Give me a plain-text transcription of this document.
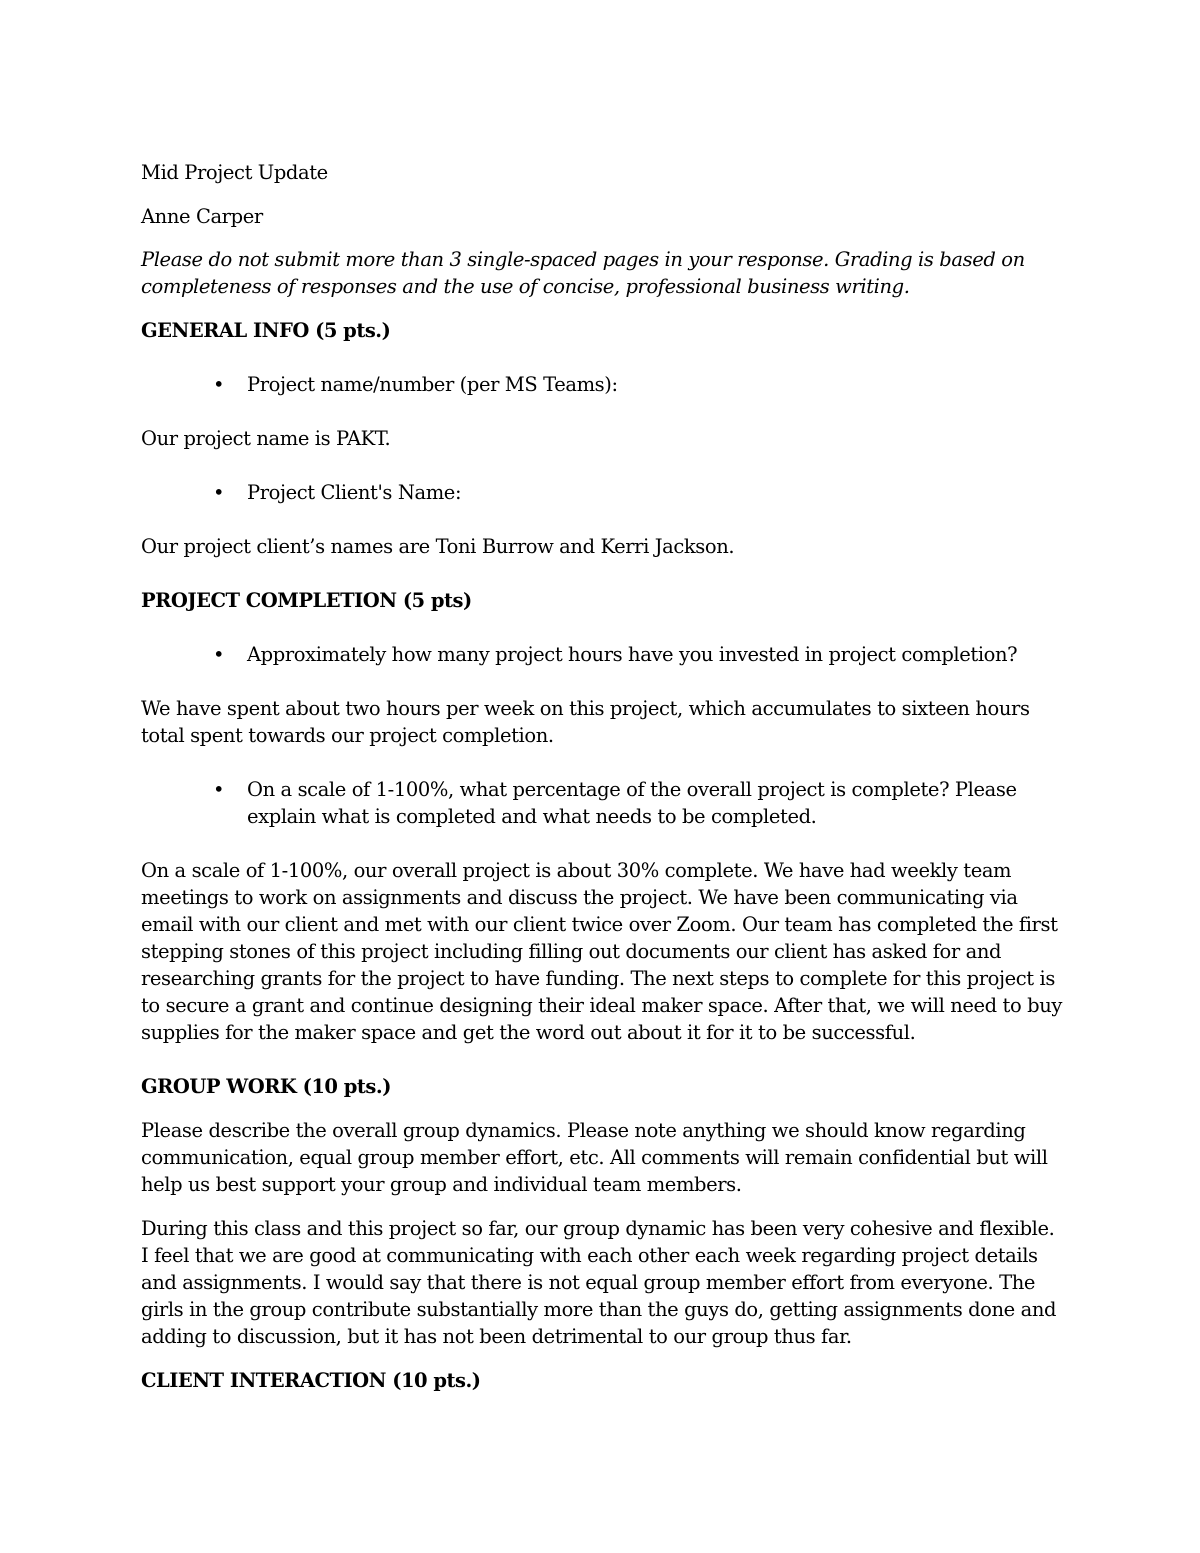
Mid Project Update

Anne Carper

Please do not submit more than 3 single-spaced pages in your response. Grading is based on completeness of responses and the use of concise, professional business writing.

GENERAL INFO (5 pts.)
• Project name/number (per MS Teams):

Our project name is PAKT.

• Project Client's Name:

Our project client’s names are Toni Burrow and Kerri Jackson.

PROJECT COMPLETION (5 pts)
• Approximately how many project hours have you invested in project completion?

We have spent about two hours per week on this project, which accumulates to sixteen hours total spent towards our project completion.

• On a scale of 1-100%, what percentage of the overall project is complete? Please explain what is completed and what needs to be completed.

On a scale of 1-100%, our overall project is about 30% complete. We have had weekly team meetings to work on assignments and discuss the project. We have been communicating via email with our client and met with our client twice over Zoom. Our team has completed the first stepping stones of this project including filling out documents our client has asked for and researching grants for the project to have funding. The next steps to complete for this project is to secure a grant and continue designing their ideal maker space. After that, we will need to buy supplies for the maker space and get the word out about it for it to be successful.

GROUP WORK (10 pts.)

Please describe the overall group dynamics. Please note anything we should know regarding communication, equal group member effort, etc. All comments will remain confidential but will help us best support your group and individual team members.

During this class and this project so far, our group dynamic has been very cohesive and flexible. I feel that we are good at communicating with each other each week regarding project details and assignments. I would say that there is not equal group member effort from everyone. The girls in the group contribute substantially more than the guys do, getting assignments done and adding to discussion, but it has not been detrimental to our group thus far.

CLIENT INTERACTION (10 pts.)
